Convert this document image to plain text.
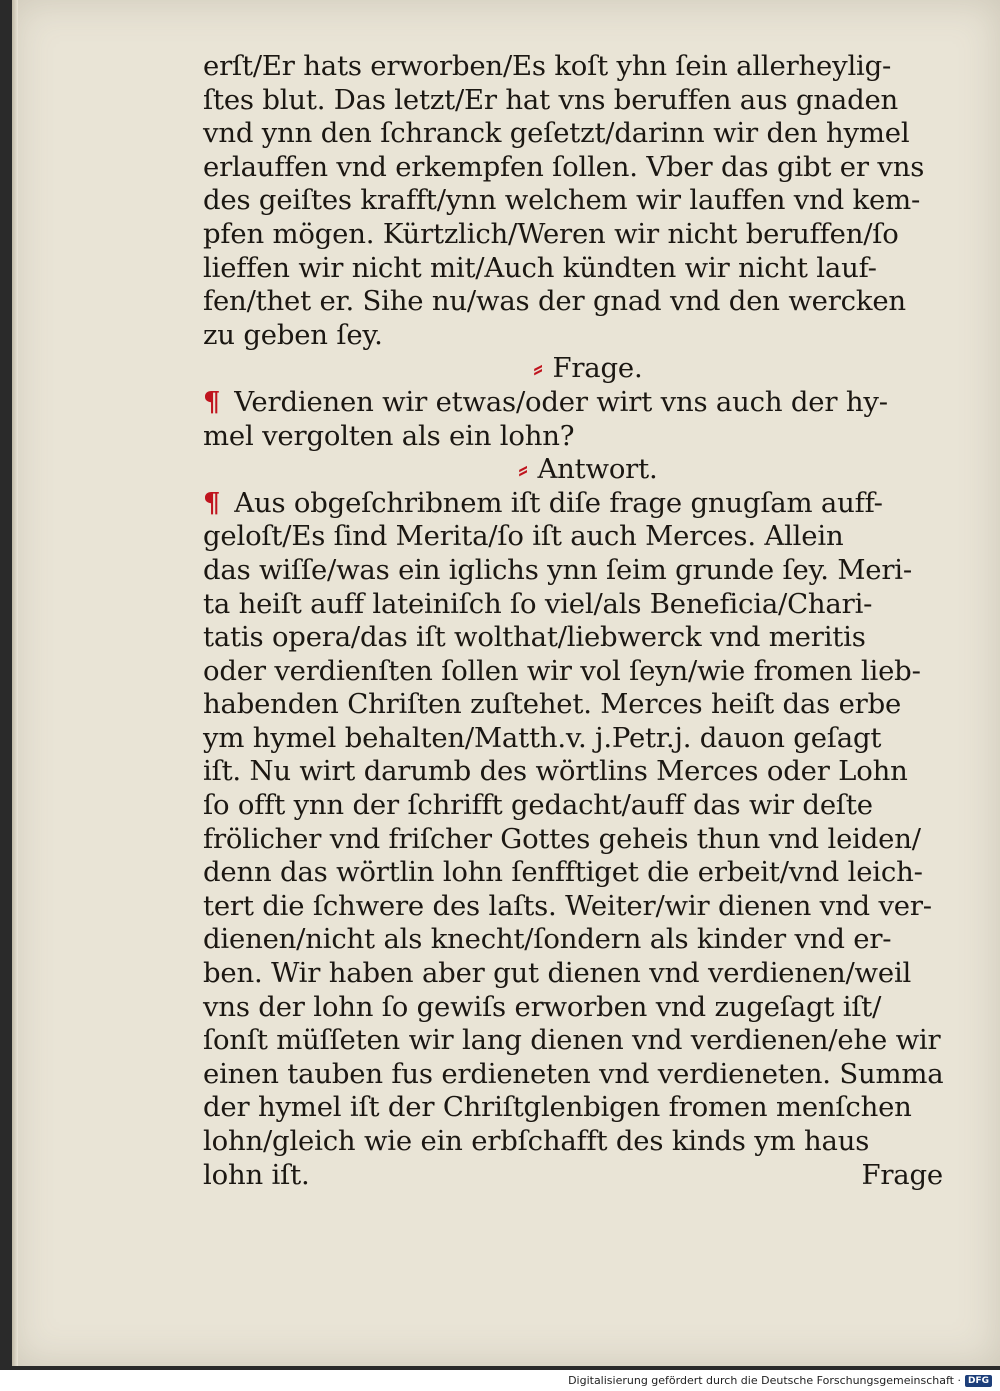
erſt/Er hats erworben/Es koſt yhn ſein allerheylig-
ſtes blut. Das letzt/Er hat vns beruffen aus gnaden
vnd ynn den ſchranck geſetzt/darinn wir den hymel
erlauffen vnd erkempfen ſollen. Vber das gibt er vns
des geiſtes krafft/ynn welchem wir lauffen vnd kem-
pfen mögen. Kürtzlich/Weren wir nicht beruffen/ſo
lieffen wir nicht mit/Auch kündten wir nicht lauf-
fen/thet er. Sihe nu/was der gnad vnd den wercken
zu geben ſey.
⸗ Frage.
¶ Verdienen wir etwas/oder wirt vns auch der hy-
mel vergolten als ein lohn?
⸗ Antwort.
¶ Aus obgeſchribnem iſt diſe frage gnugſam auff-
geloſt/Es ſind Merita/ſo iſt auch Merces. Allein
das wiſſe/was ein iglichs ynn ſeim grunde ſey. Meri-
ta heiſt auff lateiniſch ſo viel/als Beneficia/Chari-
tatis opera/das iſt wolthat/liebwerck vnd meritis
oder verdienſten ſollen wir vol ſeyn/wie fromen lieb-
habenden Chriſten zuſtehet. Merces heiſt das erbe
ym hymel behalten/Matth.v. j.Petr.j. dauon geſagt
iſt. Nu wirt darumb des wörtlins Merces oder Lohn
ſo offt ynn der ſchrifft gedacht/auff das wir deſte
frölicher vnd friſcher Gottes geheis thun vnd leiden/
denn das wörtlin lohn ſenfftiget die erbeit/vnd leich-
tert die ſchwere des laſts. Weiter/wir dienen vnd ver-
dienen/nicht als knecht/ſondern als kinder vnd er-
ben. Wir haben aber gut dienen vnd verdienen/weil
vns der lohn ſo gewiſs erworben vnd zugeſagt iſt/
ſonſt müſſeten wir lang dienen vnd verdienen/ehe wir
einen tauben fus erdieneten vnd verdieneten. Summa
der hymel iſt der Chriſtglenbigen fromen menſchen
lohn/gleich wie ein erbſchafft des kinds ym haus
lohn iſt.	Frage
Digitalisierung gefördert durch die Deutsche Forschungsgemeinschaft · DFG
